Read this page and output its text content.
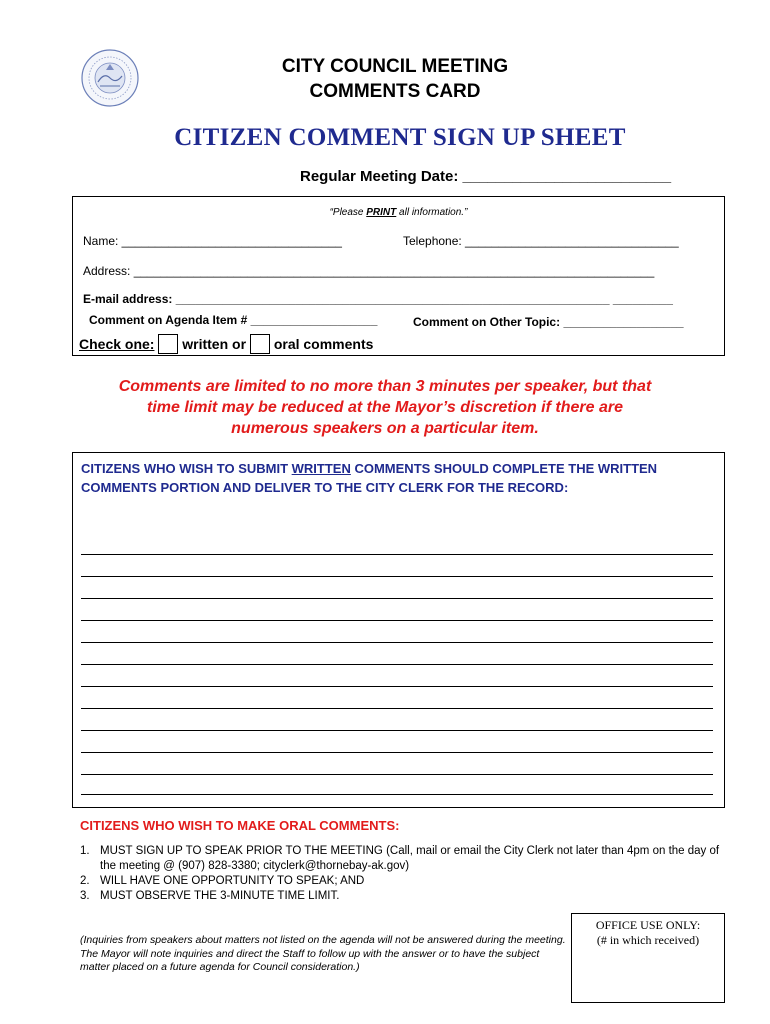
CITY COUNCIL MEETING
COMMENTS CARD
CITIZEN COMMENT SIGN UP SHEET
Regular Meeting Date: _________________________
“Please PRINT all information.”
Name: _________________________________	Telephone: ________________________________
Address: ______________________________________________________________________________
E-mail address: _________________________________________________________________ _________
Comment on Agenda Item # ___________________	Comment on Other Topic: __________________
Check one: written or oral comments
Comments are limited to no more than 3 minutes per speaker, but that
time limit may be reduced at the Mayor’s discretion if there are
numerous speakers on a particular item.
CITIZENS WHO WISH TO SUBMIT WRITTEN COMMENTS SHOULD COMPLETE THE WRITTEN COMMENTS PORTION AND DELIVER TO THE CITY CLERK FOR THE RECORD:
CITIZENS WHO WISH TO MAKE ORAL COMMENTS:
1. MUST SIGN UP TO SPEAK PRIOR TO THE MEETING (Call, mail or email the City Clerk not later than 4pm on the day of the meeting @ (907) 828-3380; cityclerk@thornebay-ak.gov)
2. WILL HAVE ONE OPPORTUNITY TO SPEAK; AND
3. MUST OBSERVE THE 3-MINUTE TIME LIMIT.
(Inquiries from speakers about matters not listed on the agenda will not be answered during the meeting. The Mayor will note inquiries and direct the Staff to follow up with the answer or to have the subject matter placed on a future agenda for Council consideration.)
OFFICE USE ONLY:
(# in which received)
